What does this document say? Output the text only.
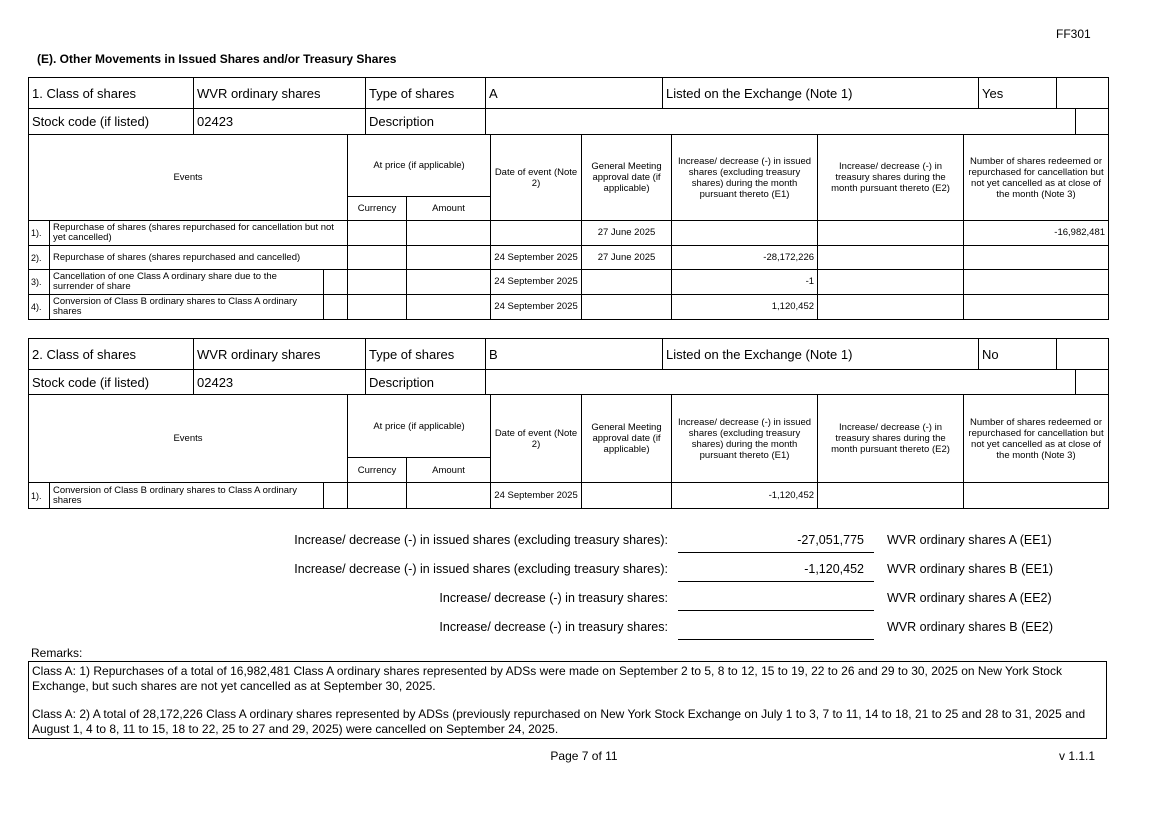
FF301
(E). Other Movements in Issued Shares and/or Treasury Shares
1. Class of shares	WVR ordinary shares	Type of shares	A	Listed on the Exchange (Note 1)	Yes	
Stock code (if listed)	02423	Description		
Events			At price (if applicable)		Date of event (Note 2)	General Meeting approval date (if applicable)	Increase/ decrease (-) in issued shares (excluding treasury shares) during the month pursuant thereto (E1)	Increase/ decrease (-) in treasury shares during the month pursuant thereto (E2)	Number of shares redeemed or repurchased for cancellation but not yet cancelled as at close of the month (Note 3)
			Currency	Amount					
1).	Repurchase of shares (shares repurchased for cancellation but not yet cancelled)					27 June 2025			-16,982,481
2).	Repurchase of shares (shares repurchased and cancelled)				24 September 2025	27 June 2025	-28,172,226		
3).	Cancellation of one Class A ordinary share due to the surrender of share				24 September 2025		-1		
4).	Conversion of Class B ordinary shares to Class A ordinary shares				24 September 2025		1,120,452		
2. Class of shares	WVR ordinary shares	Type of shares	B	Listed on the Exchange (Note 1)	No	
Stock code (if listed)	02423	Description		
Events			At price (if applicable)		Date of event (Note 2)	General Meeting approval date (if applicable)	Increase/ decrease (-) in issued shares (excluding treasury shares) during the month pursuant thereto (E1)	Increase/ decrease (-) in treasury shares during the month pursuant thereto (E2)	Number of shares redeemed or repurchased for cancellation but not yet cancelled as at close of the month (Note 3)
			Currency	Amount					
1).	Conversion of Class B ordinary shares to Class A ordinary shares				24 September 2025		-1,120,452		
Increase/ decrease (-) in issued shares (excluding treasury shares):	-27,051,775 WVR ordinary shares A (EE1)
Increase/ decrease (-) in issued shares (excluding treasury shares):	-1,120,452 WVR ordinary shares B (EE1)
Increase/ decrease (-) in treasury shares:	WVR ordinary shares A (EE2)
Increase/ decrease (-) in treasury shares:	WVR ordinary shares B (EE2)
Remarks:

Class A: 1) Repurchases of a total of 16,982,481 Class A ordinary shares represented by ADSs were made on September 2 to 5, 8 to 12, 15 to 19, 22 to 26 and 29 to 30, 2025 on New York Stock Exchange, but such shares are not yet cancelled as at September 30, 2025.

Class A: 2) A total of 28,172,226 Class A ordinary shares represented by ADSs (previously repurchased on New York Stock Exchange on July 1 to 3, 7 to 11, 14 to 18, 21 to 25 and 28 to 31, 2025 and August 1, 4 to 8, 11 to 15, 18 to 22, 25 to 27 and 29, 2025) were cancelled on September 24, 2025.

Page 7 of 11	v 1.1.1
